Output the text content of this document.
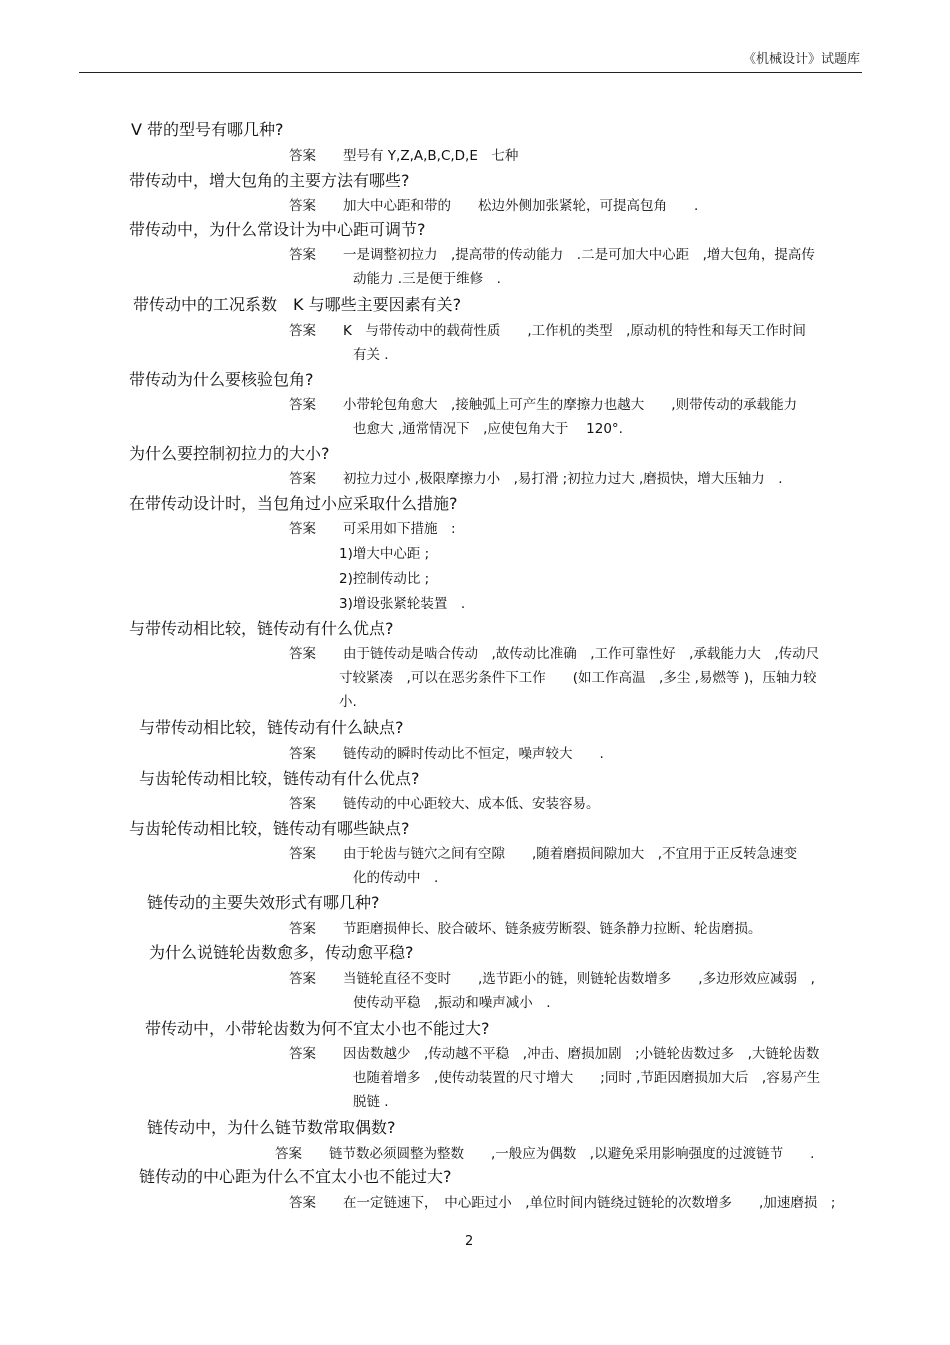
《机械设计》试题库
V 带的型号有哪几种?
答案　　型号有 Y,Z,A,B,C,D,E　七种
带传动中，增大包角的主要方法有哪些?
答案　　加大中心距和带的　　松边外侧加张紧轮，可提高包角　　.
带传动中，为什么常设计为中心距可调节?
答案　　一是调整初拉力　,提高带的传动能力　.二是可加大中心距　,增大包角，提高传
动能力 .三是便于维修　.
带传动中的工况系数　K 与哪些主要因素有关?
答案　　K　与带传动中的载荷性质　　,工作机的类型　,原动机的特性和每天工作时间
有关 .
带传动为什么要核验包角?
答案　　小带轮包角愈大　,接触弧上可产生的摩擦力也越大　　,则带传动的承载能力
也愈大 ,通常情况下　,应使包角大于　 120°.
为什么要控制初拉力的大小?
答案　　初拉力过小 ,极限摩擦力小　,易打滑 ;初拉力过大 ,磨损快，增大压轴力　.
在带传动设计时，当包角过小应采取什么措施?
答案　　可采用如下措施　:
1)增大中心距 ;
2)控制传动比 ;
3)增设张紧轮装置　.
与带传动相比较，链传动有什么优点?
答案　　由于链传动是啮合传动　,故传动比准确　,工作可靠性好　,承载能力大　,传动尺
寸较紧凑　,可以在恶劣条件下工作　　(如工作高温　,多尘 ,易燃等 )，压轴力较
小.
与带传动相比较，链传动有什么缺点?
答案　　链传动的瞬时传动比不恒定，噪声较大　　.
与齿轮传动相比较，链传动有什么优点?
答案　　链传动的中心距较大、成本低、安装容易。
与齿轮传动相比较，链传动有哪些缺点?
答案　　由于轮齿与链穴之间有空隙　　,随着磨损间隙加大　,不宜用于正反转急速变
化的传动中　.
链传动的主要失效形式有哪几种?
答案　　节距磨损伸长、胶合破坏、链条疲劳断裂、链条静力拉断、轮齿磨损。
为什么说链轮齿数愈多，传动愈平稳?
答案　　当链轮直径不变时　　,选节距小的链，则链轮齿数增多　　,多边形效应减弱　,
使传动平稳　,振动和噪声减小　.
带传动中，小带轮齿数为何不宜太小也不能过大?
答案　　因齿数越少　,传动越不平稳　,冲击、磨损加剧　;小链轮齿数过多　,大链轮齿数
也随着增多　,使传动装置的尺寸增大　　;同时 ,节距因磨损加大后　,容易产生
脱链 .
链传动中，为什么链节数常取偶数?
答案　　链节数必须圆整为整数　　,一般应为偶数　,以避免采用影响强度的过渡链节　　.
链传动的中心距为什么不宜太小也不能过大?
答案　　在一定链速下，　中心距过小　,单位时间内链绕过链轮的次数增多　　,加速磨损　;
2
